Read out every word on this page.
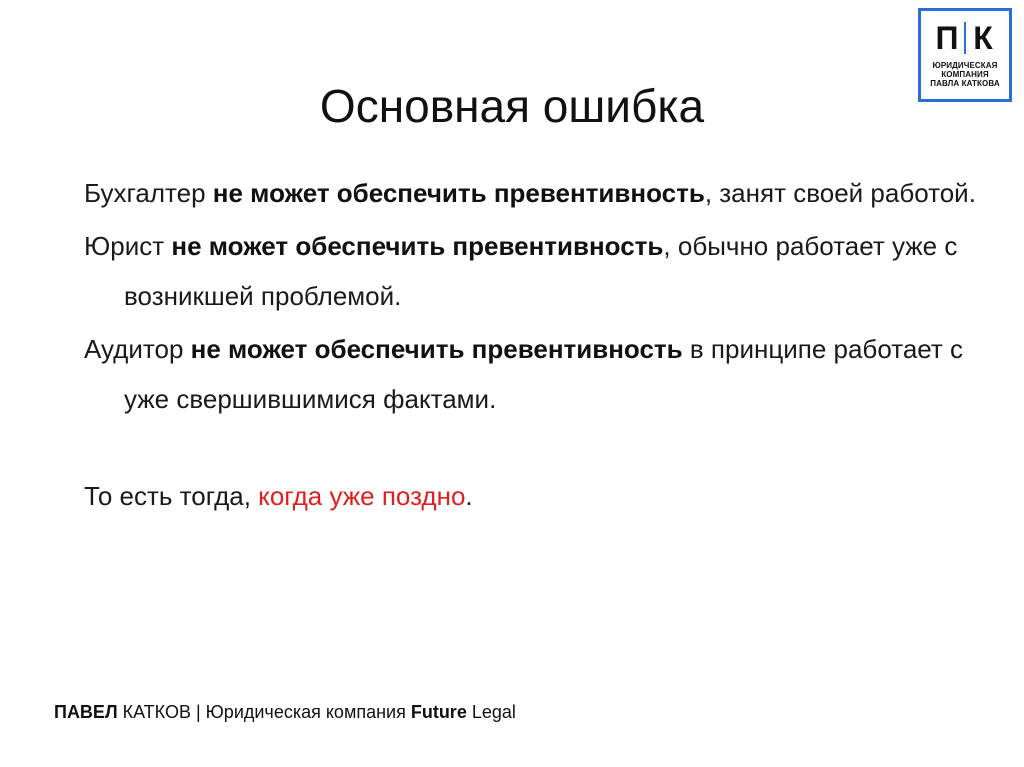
Основная ошибка
П К
ЮРИДИЧЕСКАЯ
КОМПАНИЯ
ПАВЛА КАТКОВА

Бухгалтер не может обеспечить превентивность, занят своей работой.

Юрист не может обеспечить превентивность, обычно работает уже с возникшей проблемой.

Аудитор не может обеспечить превентивность в принципе работает с уже свершившимися фактами.

То есть тогда, когда уже поздно.

ПАВЕЛ КАТКОВ | Юридическая компания Future Legal
